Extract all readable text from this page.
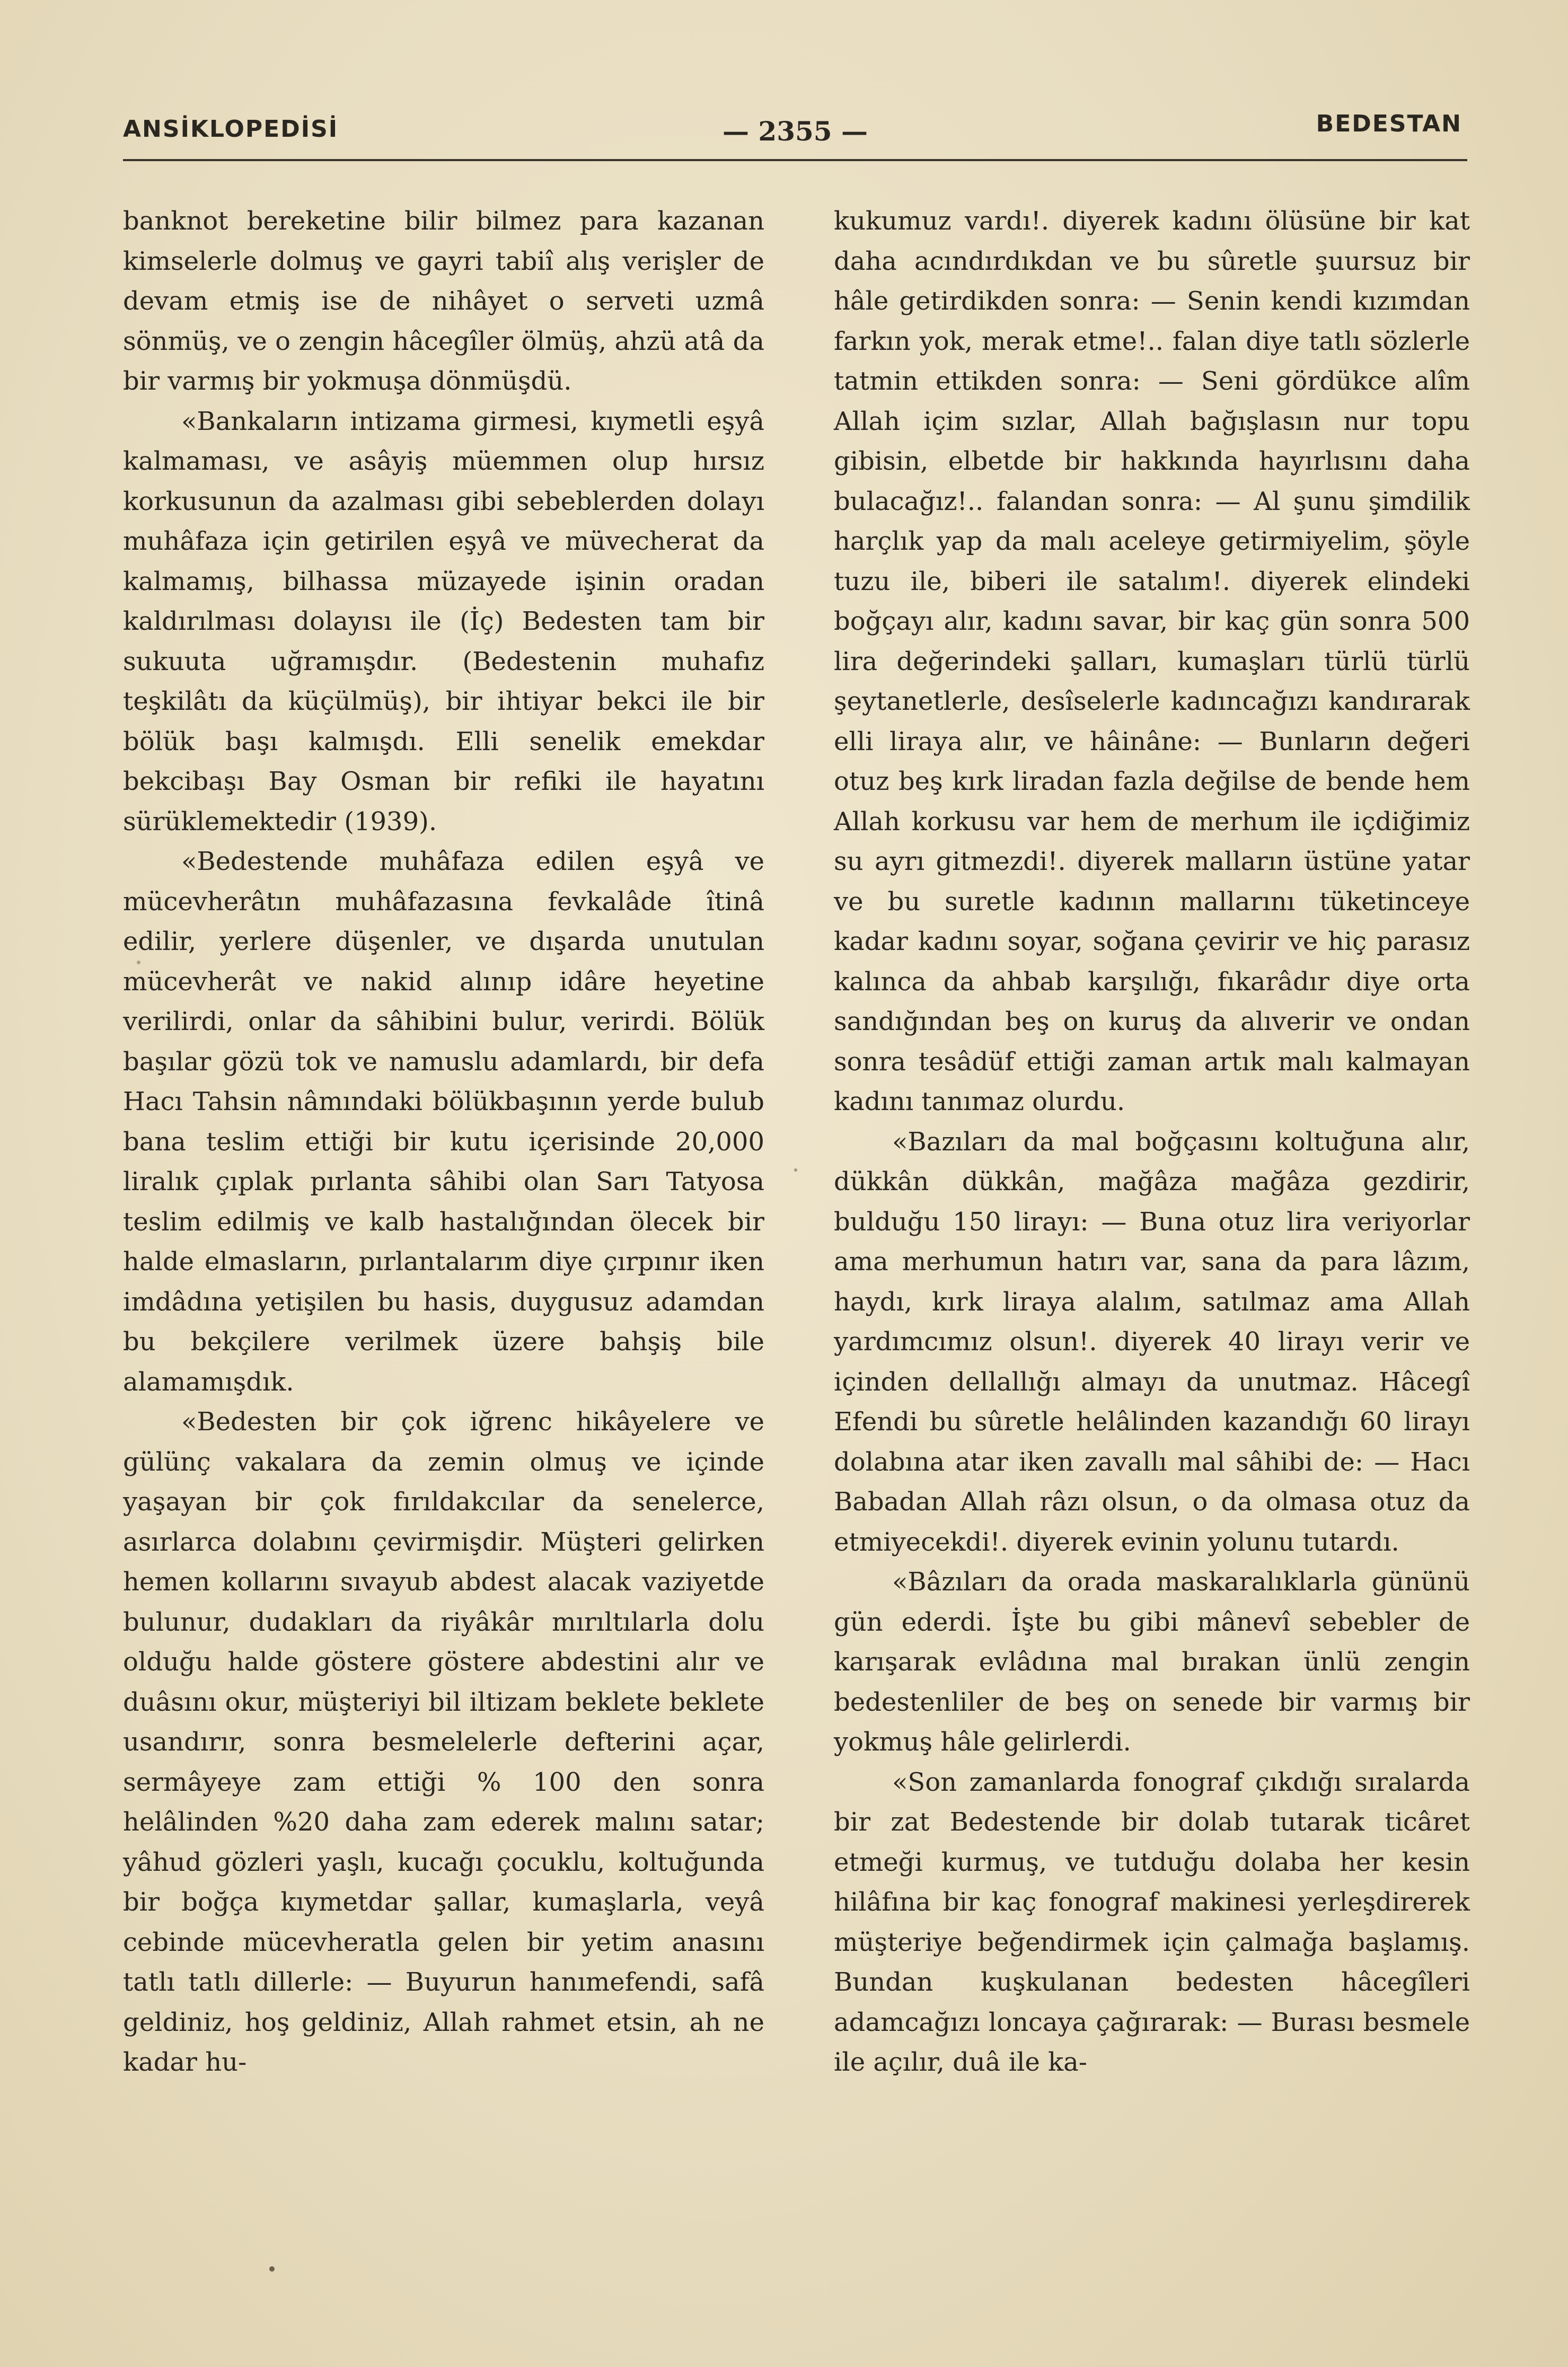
ANSİKLOPEDİSİ	— 2355 —	BEDESTAN

banknot bereketine bilir bilmez para kazanan kimselerle dolmuş ve gayri tabiî alış verişler de devam etmiş ise de nihâyet o serveti uzmâ sönmüş, ve o zengin hâcegîler ölmüş, ahzü atâ da bir varmış bir yokmuşa dönmüşdü.

«Bankaların intizama girmesi, kıymetli eşyâ kalmaması, ve asâyiş müemmen olup hırsız korkusunun da azalması gibi sebeblerden dolayı muhâfaza için getirilen eşyâ ve müvecherat da kalmamış, bilhassa müzayede işinin oradan kaldırılması dolayısı ile (İç) Bedesten tam bir sukuuta uğramışdır. (Bedestenin muhafız teşkilâtı da küçülmüş), bir ihtiyar bekci ile bir bölük başı kalmışdı. Elli senelik emekdar bekcibaşı Bay Osman bir refiki ile hayatını sürüklemektedir (1939).

«Bedestende muhâfaza edilen eşyâ ve mücevherâtın muhâfazasına fevkalâde îtinâ edilir, yerlere düşenler, ve dışarda unutulan mücevherât ve nakid alınıp idâre heyetine verilirdi, onlar da sâhibini bulur, verirdi. Bölük başılar gözü tok ve namuslu adamlardı, bir defa Hacı Tahsin nâmındaki bölükbaşının yerde bulub bana teslim ettiği bir kutu içerisinde 20,000 liralık çıplak pırlanta sâhibi olan Sarı Tatyosa teslim edilmiş ve kalb hastalığından ölecek bir halde elmasların, pırlantalarım diye çırpınır iken imdâdına yetişilen bu hasis, duygusuz adamdan bu bekçilere verilmek üzere bahşiş bile alamamışdık.

«Bedesten bir çok iğrenc hikâyelere ve gülünç vakalara da zemin olmuş ve içinde yaşayan bir çok fırıldakcılar da senelerce, asırlarca dolabını çevirmişdir. Müşteri gelirken hemen kollarını sıvayub abdest alacak vaziyetde bulunur, dudakları da riyâkâr mırıltılarla dolu olduğu halde göstere göstere abdestini alır ve duâsını okur, müşteriyi bil iltizam beklete beklete usandırır, sonra besmelelerle defterini açar, sermâyeye zam ettiği % 100 den sonra helâlinden %20 daha zam ederek malını satar; yâhud gözleri yaşlı, kucağı çocuklu, koltuğunda bir boğça kıymetdar şallar, kumaşlarla, veyâ cebinde mücevheratla gelen bir yetim anasını tatlı tatlı dillerle: — Buyurun hanımefendi, safâ geldiniz, hoş geldiniz, Allah rahmet etsin, ah ne kadar hu-

kukumuz vardı!. diyerek kadını ölüsüne bir kat daha acındırdıkdan ve bu sûretle şuursuz bir hâle getirdikden sonra: — Senin kendi kızımdan farkın yok, merak etme!.. falan diye tatlı sözlerle tatmin ettikden sonra: — Seni gördükce alîm Allah içim sızlar, Allah bağışlasın nur topu gibisin, elbetde bir hakkında hayırlısını daha bulacağız!.. falandan sonra: — Al şunu şimdilik harçlık yap da malı aceleye getirmiyelim, şöyle tuzu ile, biberi ile satalım!. diyerek elindeki boğçayı alır, kadını savar, bir kaç gün sonra 500 lira değerindeki şalları, kumaşları türlü türlü şeytanetlerle, desîselerle kadıncağızı kandırarak elli liraya alır, ve hâinâne: — Bunların değeri otuz beş kırk liradan fazla değilse de bende hem Allah korkusu var hem de merhum ile içdiğimiz su ayrı gitmezdi!. diyerek malların üstüne yatar ve bu suretle kadının mallarını tüketinceye kadar kadını soyar, soğana çevirir ve hiç parasız kalınca da ahbab karşılığı, fıkarâdır diye orta sandığından beş on kuruş da alıverir ve ondan sonra tesâdüf ettiği zaman artık malı kalmayan kadını tanımaz olurdu.

«Bazıları da mal boğçasını koltuğuna alır, dükkân dükkân, mağâza mağâza gezdirir, bulduğu 150 lirayı: — Buna otuz lira veriyorlar ama merhumun hatırı var, sana da para lâzım, haydı, kırk liraya alalım, satılmaz ama Allah yardımcımız olsun!. diyerek 40 lirayı verir ve içinden dellallığı almayı da unutmaz. Hâcegî Efendi bu sûretle helâlinden kazandığı 60 lirayı dolabına atar iken zavallı mal sâhibi de: — Hacı Babadan Allah râzı olsun, o da olmasa otuz da etmiyecekdi!. diyerek evinin yolunu tutardı.

«Bâzıları da orada maskaralıklarla gününü gün ederdi. İşte bu gibi mânevî sebebler de karışarak evlâdına mal bırakan ünlü zengin bedestenliler de beş on senede bir varmış bir yokmuş hâle gelirlerdi.

«Son zamanlarda fonograf çıkdığı sıralarda bir zat Bedestende bir dolab tutarak ticâret etmeği kurmuş, ve tutduğu dolaba her kesin hilâfına bir kaç fonograf makinesi yerleşdirerek müşteriye beğendirmek için çalmağa başlamış. Bundan kuşkulanan bedesten hâcegîleri adamcağızı loncaya çağırarak: — Burası besmele ile açılır, duâ ile ka-
